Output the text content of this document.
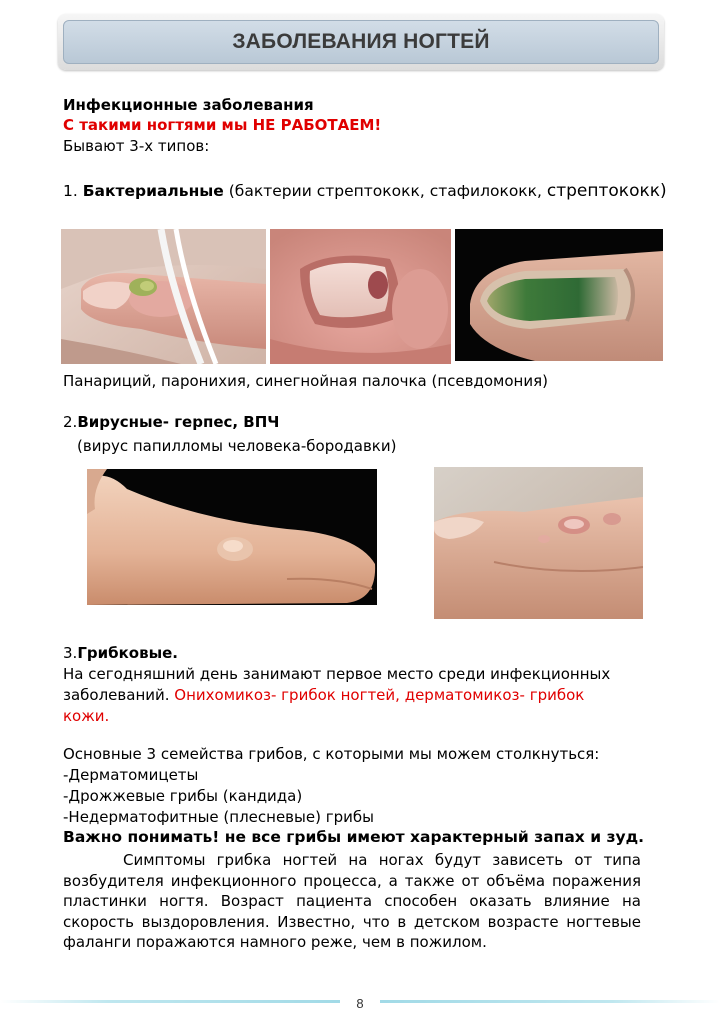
ЗАБОЛЕВАНИЯ НОГТЕЙ
Инфекционные заболевания
С такими ногтями мы НЕ РАБОТАЕМ!
Бывают 3-х типов:
1. Бактериальные (бактерии стрептококк, стафилококк, стрептококк)
Панариций, паронихия, синегнойная палочка (псевдомония)
2.Вирусные- герпес, ВПЧ
(вирус папилломы человека-бородавки)
3.Грибковые.
На сегодняшний день занимают первое место среди инфекционных
заболеваний. Онихомикоз- грибок ногтей, дерматомикоз- грибок
кожи.
Основные 3 семейства грибов, с которыми мы можем столкнуться:
-Дерматомицеты
-Дрожжевые грибы (кандида)
-Недерматофитные (плесневые) грибы
Важно понимать! не все грибы имеют характерный запах и зуд.
Симптомы грибка ногтей на ногах будут зависеть от типа возбудителя инфекционного процесса, а также от объёма поражения пластинки ногтя. Возраст пациента способен оказать влияние на скорость выздоровления. Известно, что в детском возрасте ногтевые фаланги поражаются намного реже, чем в пожилом.
8
